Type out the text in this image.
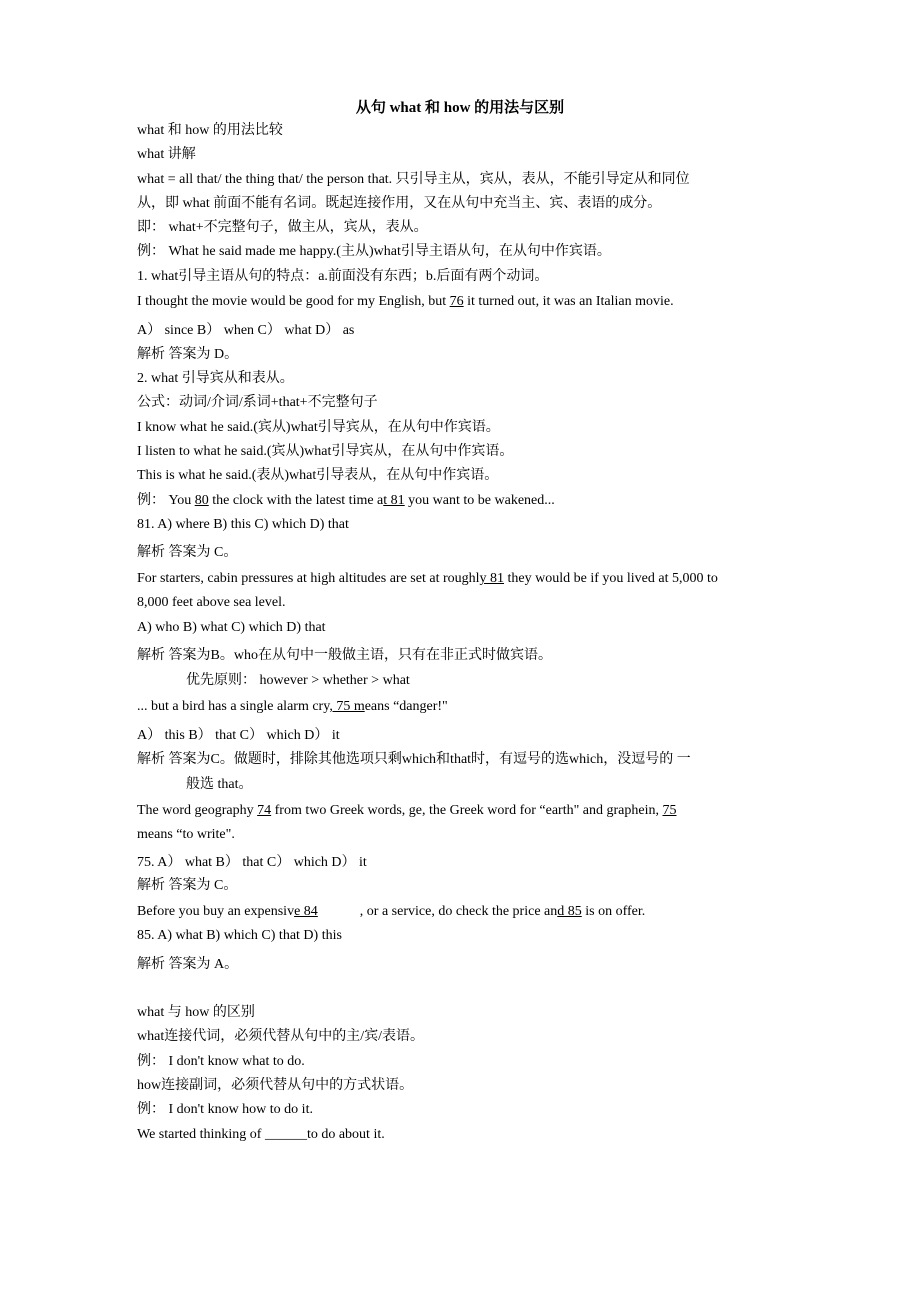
从句 what 和 how 的用法与区别
what 和 how 的用法比较
what 讲解
what = all that/ the thing that/ the person that. 只引导主从，宾从，表从，不能引导定从和同位
从，即 what 前面不能有名词。既起连接作用，又在从句中充当主、宾、表语的成分。
即： what+不完整句子，做主从，宾从，表从。
例： What he said made me happy.(主从)what引导主语从句，在从句中作宾语。
1. what引导主语从句的特点：a.前面没有东西；b.后面有两个动词。
I thought the movie would be good for my English, but 76 it turned out, it was an Italian movie.
A） since B） when C） what D） as
解析 答案为 D。
2. what 引导宾从和表从。
公式：动词/介词/系词+that+不完整句子
I know what he said.(宾从)what引导宾从，在从句中作宾语。
I listen to what he said.(宾从)what引导宾从，在从句中作宾语。
This is what he said.(表从)what引导表从，在从句中作宾语。
例： You 80 the clock with the latest time at 81 you want to be wakened...
81. A) where B) this C) which D) that
解析 答案为 C。
For starters, cabin pressures at high altitudes are set at roughly 81 they would be if you lived at 5,000 to
8,000 feet above sea level.
A) who B) what C) which D) that
解析 答案为B。who在从句中一般做主语，只有在非正式时做宾语。
优先原则： however > whether > what
... but a bird has a single alarm cry, 75 means “danger!"
A） this B） that C） which D） it
解析 答案为C。做题时，排除其他选项只剩which和that时，有逗号的选which，没逗号的 一
般选 that。
The word geography 74 from two Greek words, ge, the Greek word for “earth" and graphein, 75
means “to write".
75. A） what B） that C） which D） it
解析 答案为 C。
Before you buy an expensive 84            , or a service, do check the price and 85 is on offer.
85. A) what B) which C) that D) this
解析 答案为 A。
what 与 how 的区别
what连接代词，必须代替从句中的主/宾/表语。
例： I don't know what to do.
how连接副词，必须代替从句中的方式状语。
例： I don't know how to do it.
We started thinking of ______to do about it.
